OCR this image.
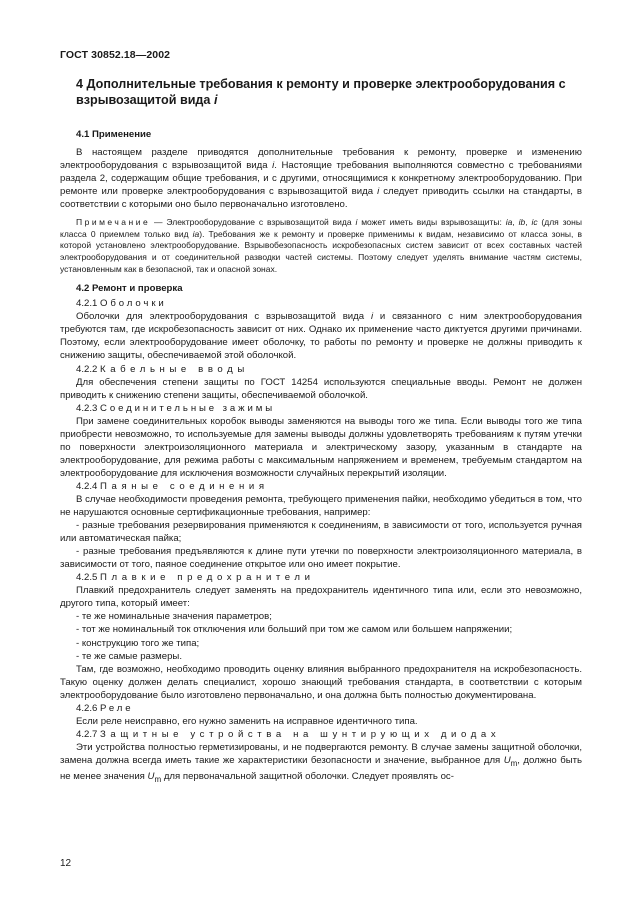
ГОСТ 30852.18—2002
4 Дополнительные требования к ремонту и проверке электрооборудования с взрывозащитой вида i
4.1 Применение

В настоящем разделе приводятся дополнительные требования к ремонту, проверке и изменению электрооборудования с взрывозащитой вида i. Настоящие требования выполняются совместно с требованиями раздела 2, содержащим общие требования, и с другими, относящимися к конкретному электрооборудованию. При ремонте или проверке электрооборудования с взрывозащитой вида i следует приводить ссылки на стандарты, в соответствии с которыми оно было первоначально изготовлено.

Примечание — Электрооборудование с взрывозащитой вида i может иметь виды взрывозащиты: ia, ib, ic (для зоны класса 0 приемлем только вид ia). Требования же к ремонту и проверке применимы к видам, независимо от класса зоны, в которой установлено электрооборудование. Взрывобезопасность искробезопасных систем зависит от всех составных частей электрооборудования и от соединительной разводки частей системы. Поэтому следует уделять внимание частям системы, установленным как в безопасной, так и опасной зонах.

4.2 Ремонт и проверка

4.2.1 Оболочки

Оболочки для электрооборудования с взрывозащитой вида i и связанного с ним электрооборудования требуются там, где искробезопасность зависит от них. Однако их применение часто диктуется другими причинами. Поэтому, если электрооборудование имеет оболочку, то работы по ремонту и проверке не должны приводить к снижению защиты, обеспечиваемой этой оболочкой.

4.2.2 Кабельные вводы

Для обеспечения степени защиты по ГОСТ 14254 используются специальные вводы. Ремонт не должен приводить к снижению степени защиты, обеспечиваемой оболочкой.

4.2.3 Соединительные зажимы

При замене соединительных коробок выводы заменяются на выводы того же типа. Если выводы того же типа приобрести невозможно, то используемые для замены выводы должны удовлетворять требованиям к путям утечки по поверхности электроизоляционного материала и электрическому зазору, указанным в стандарте на электрооборудование, для режима работы с максимальным напряжением и временем, требуемым стандартом на электрооборудование для исключения возможности случайных перекрытий изоляции.

4.2.4 Паяные соединения

В случае необходимости проведения ремонта, требующего применения пайки, необходимо убедиться в том, что не нарушаются основные сертификационные требования, например:

- разные требования резервирования применяются к соединениям, в зависимости от того, используется ручная или автоматическая пайка;

- разные требования предъявляются к длине пути утечки по поверхности электроизоляционного материала, в зависимости от того, паяное соединение открытое или оно имеет покрытие.

4.2.5 Плавкие предохранители

Плавкий предохранитель следует заменять на предохранитель идентичного типа или, если это невозможно, другого типа, который имеет:

- те же номинальные значения параметров;

- тот же номинальный ток отключения или больший при том же самом или большем напряжении;

- конструкцию того же типа;

- те же самые размеры.

Там, где возможно, необходимо проводить оценку влияния выбранного предохранителя на искробезопасность. Такую оценку должен делать специалист, хорошо знающий требования стандарта, в соответствии с которым электрооборудование было изготовлено первоначально, и она должна быть полностью документирована.

4.2.6 Реле

Если реле неисправно, его нужно заменить на исправное идентичного типа.

4.2.7 Защитные устройства на шунтирующих диодах

Эти устройства полностью герметизированы, и не подвергаются ремонту. В случае замены защитной оболочки, замена должна всегда иметь такие же характеристики безопасности и значение, выбранное для $U_m$, должно быть не менее значения $U_m$ для первоначальной защитной оболочки. Следует проявлять ос-

12
